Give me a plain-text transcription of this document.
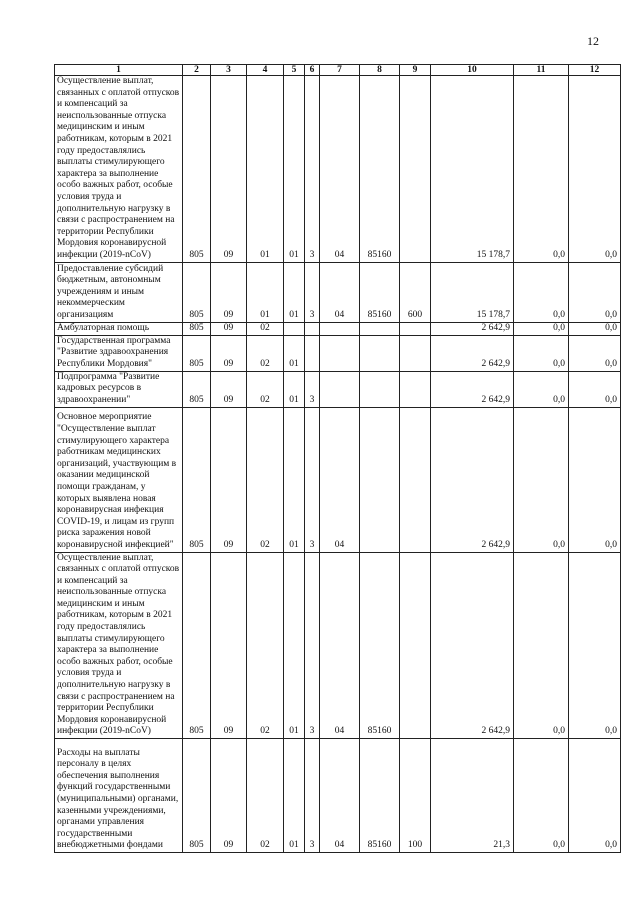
12
1	2	3	4	5	6	7	8	9	10	11	12
Осуществление выплат, связанных с оплатой отпусков и компенсаций за неиспользованные отпуска медицинским и иным работникам, которым в 2021 году предоставлялись выплаты стимулирующего характера за выполнение особо важных работ, особые условия труда и дополнительную нагрузку в связи с распространением на территории Республики Мордовия коронавирусной инфекции (2019-nCoV)	805	09	01	01	3	04	85160		15 178,7	0,0	0,0
Предоставление субсидий бюджетным, автономным учреждениям и иным некоммерческим организациям	805	09	01	01	3	04	85160	600	15 178,7	0,0	0,0
Амбулаторная помощь	805	09	02						2 642,9	0,0	0,0
Государственная программа "Развитие здравоохранения Республики Мордовия"	805	09	02	01					2 642,9	0,0	0,0
Подпрограмма "Развитие кадровых ресурсов в здравоохранении"	805	09	02	01	3				2 642,9	0,0	0,0
Основное мероприятие "Осуществление выплат стимулирующего характера работникам медицинских организаций, участвующим в оказании медицинской помощи гражданам, у которых выявлена новая коронавирусная инфекция COVID-19, и лицам из групп риска заражения новой коронавирусной инфекцией"	805	09	02	01	3	04			2 642,9	0,0	0,0
Осуществление выплат, связанных с оплатой отпусков и компенсаций за неиспользованные отпуска медицинским и иным работникам, которым в 2021 году предоставлялись выплаты стимулирующего характера за выполнение особо важных работ, особые условия труда и дополнительную нагрузку в связи с распространением на территории Республики Мордовия коронавирусной инфекции (2019-nCoV)	805	09	02	01	3	04	85160		2 642,9	0,0	0,0
Расходы на выплаты персоналу в целях обеспечения выполнения функций государственными (муниципальными) органами, казенными учреждениями, органами управления государственными внебюджетными фондами	805	09	02	01	3	04	85160	100	21,3	0,0	0,0
